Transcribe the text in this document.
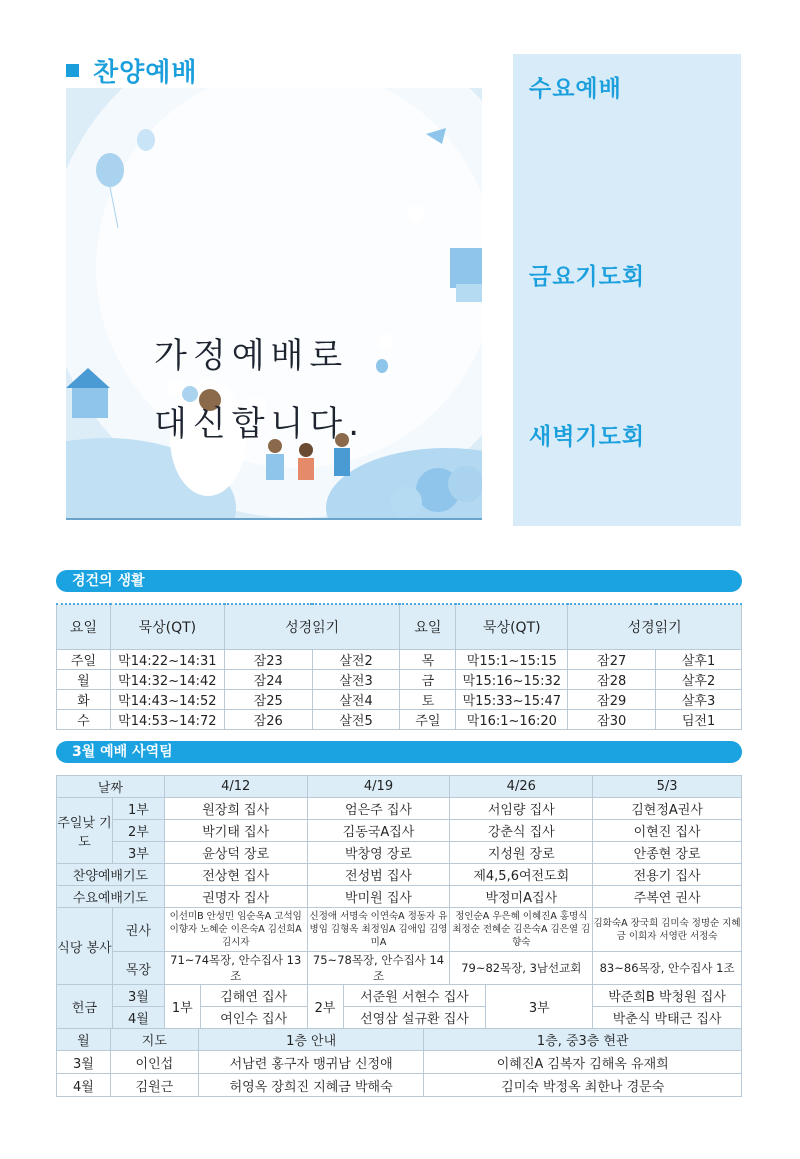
찬양예배
가정예배로
대신합니다.
수요예배
금요기도회
새벽기도회
경건의 생활
요일	묵상(QT)	성경읽기		요일	묵상(QT)	성경읽기	
주일	막14:22~14:31	잠23	살전2	목	막15:1~15:15	잠27	살후1
월	막14:32~14:42	잠24	살전3	금	막15:16~15:32	잠28	살후2
화	막14:43~14:52	잠25	살전4	토	막15:33~15:47	잠29	살후3
수	막14:53~14:72	잠26	살전5	주일	막16:1~16:20	잠30	딤전1
3월 예배 사역팀
날짜		4/12		4/19		4/26		5/3
주일낮 기도	1부	원장희 집사		엄은주 집사		서임량 집사		김현정A권사
	2부	박기태 집사		김동국A집사		강춘식 집사		이현진 집사
	3부	윤상덕 장로		박창영 장로		지성원 장로		안종현 장로
찬양예배기도		전상현 집사		전성범 집사		제4,5,6여전도회		전용기 집사
수요예배기도		권명자 집사		박미원 집사		박정미A집사		주복연 권사
식당 봉사	권사	이선미B 안성민 임순옥A 고석임 이향자 노혜순 이은숙A 김선희A 김시자		신정애 서명숙 이연숙A 정동자 유병임 김형옥 최정임A 김애입 김영미A		정인순A 우은혜 이혜진A 홍명식 최정순 전혜순 김은숙A 김은열 김향숙		김화숙A 장국희 김미숙 정명순 지혜금 이희자 서영란 서정숙
	목장	71~74목장, 안수집사 13조		75~78목장, 안수집사 14조		79~82목장, 3남선교회		83~86목장, 안수집사 1조
헌금	3월	1부	김해연 집사	2부	서준원 서현수 집사		3부	박준희B 박청원 집사
	4월		여인수 집사		선영삼 설규환 집사			박춘식 박태근 집사
월	지도	1층 안내	1층, 중3층 현관
3월	이인섭	서남련 홍구자 맹귀남 신정애	이혜진A 김복자 김해옥 유재희
4월	김원근	허영옥 장희진 지혜금 박해숙	김미숙 박정옥 최한나 경문숙
